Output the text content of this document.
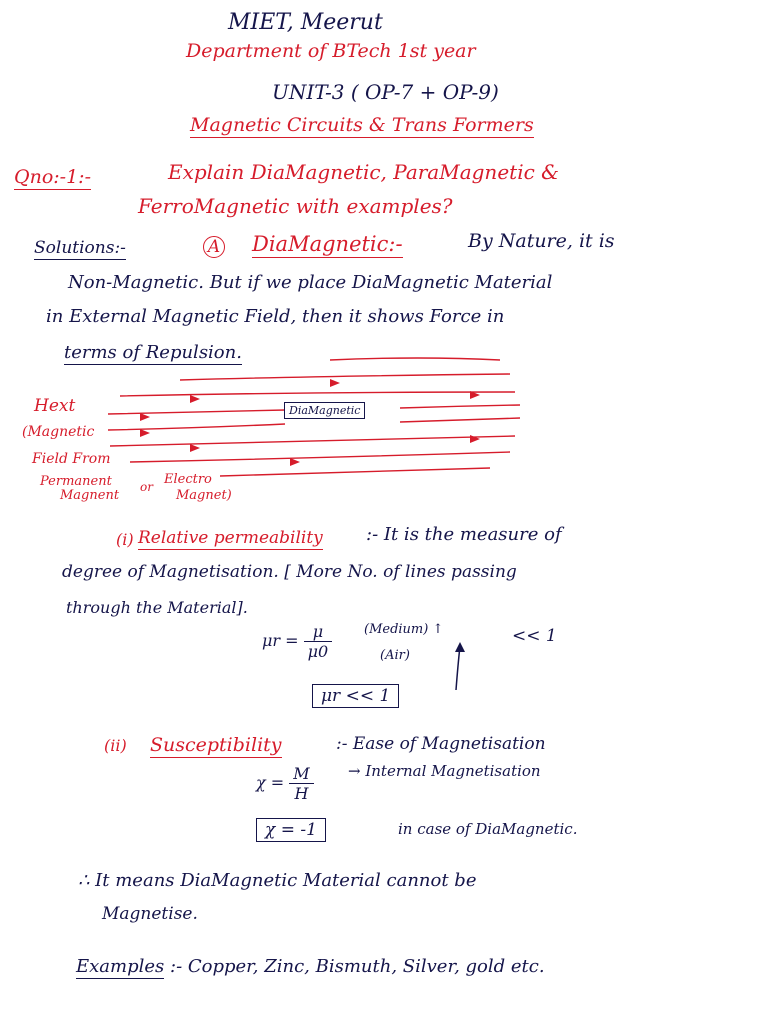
MIET, Meerut
Department of BTech 1st year
UNIT-3 ( OP-7 + OP-9)
Magnetic Circuits & Trans Formers
Qno:-1:-	Explain DiaMagnetic, ParaMagnetic &
FerroMagnetic with examples?
Solutions:-	A DiaMagnetic:-	By Nature, it is
Non-Magnetic. But if we place DiaMagnetic Material
in External Magnetic Field, then it shows Force in
terms of Repulsion.
DiaMagnetic
Hext
(Magnetic
Field From
Permanent
Magnent
or Electro
Magnet)
(i) Relative permeability :- It is the measure of
degree of Magnetisation. [ More No. of lines passing
through the Material].
$\mu r = \frac{\mu}{\mu 0}$ (Medium) ↑
(Air)
<< 1
μr << 1
(ii) Susceptibility	:- Ease of Magnetisation
$\chi = \frac{M}{H}$ → Internal Magnetisation
χ = -1	in case of DiaMagnetic.
∴ It means DiaMagnetic Material cannot be
Magnetise.
Examples :- Copper, Zinc, Bismuth, Silver, gold etc.
